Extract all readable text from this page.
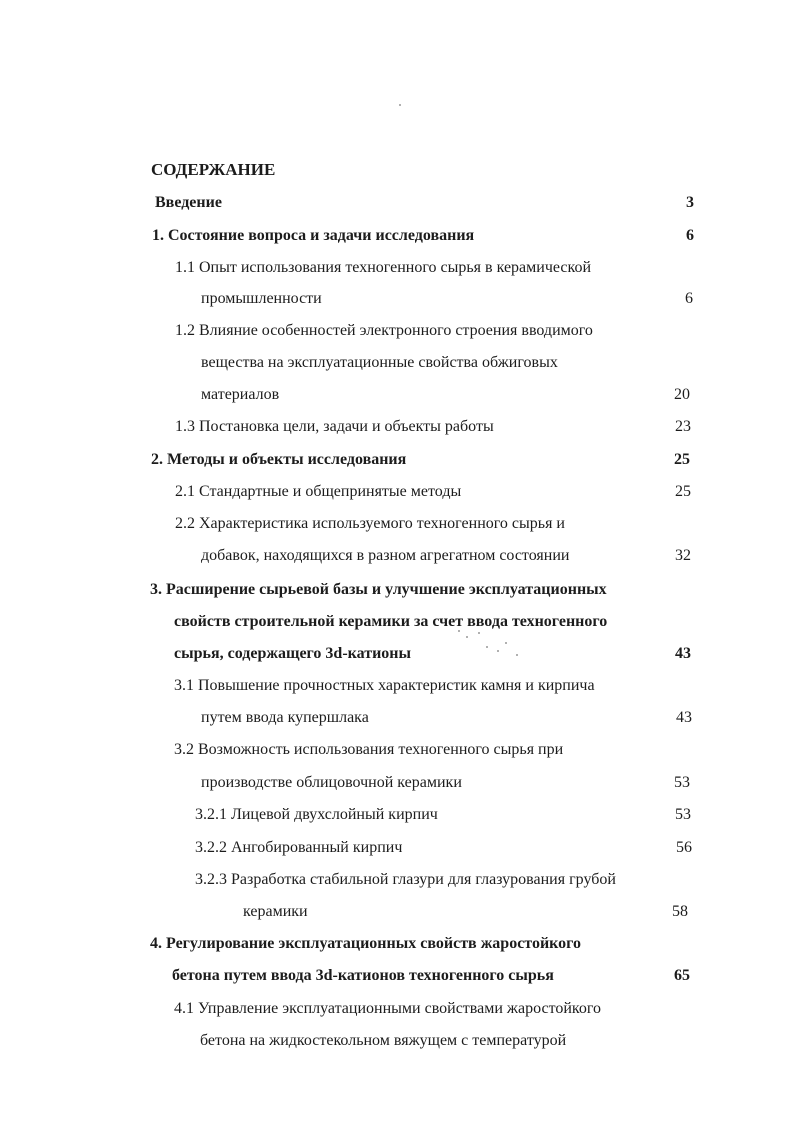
СОДЕРЖАНИЕ
Введение	3
1. Состояние вопроса и задачи исследования	6
1.1 Опыт использования техногенного сырья в керамической
промышленности	6
1.2 Влияние особенностей электронного строения вводимого
вещества на эксплуатационные свойства обжиговых
материалов	20
1.3 Постановка цели, задачи и объекты работы	23
2. Методы и объекты исследования	25
2.1 Стандартные и общепринятые методы	25
2.2 Характеристика используемого техногенного сырья и
добавок, находящихся в разном агрегатном состоянии	32
3. Расширение сырьевой базы и улучшение эксплуатационных
свойств строительной керамики за счет ввода техногенного
сырья, содержащего 3d-катионы	43
3.1 Повышение прочностных характеристик камня и кирпича
путем ввода купершлака	43
3.2 Возможность использования техногенного сырья при
производстве облицовочной керамики	53
3.2.1 Лицевой двухслойный кирпич	53
3.2.2 Ангобированный кирпич	56
3.2.3 Разработка стабильной глазури для глазурования грубой
керамики	58
4. Регулирование эксплуатационных свойств жаростойкого
бетона путем ввода 3d-катионов техногенного сырья	65
4.1 Управление эксплуатационными свойствами жаростойкого
бетона на жидкостекольном вяжущем с температурой
